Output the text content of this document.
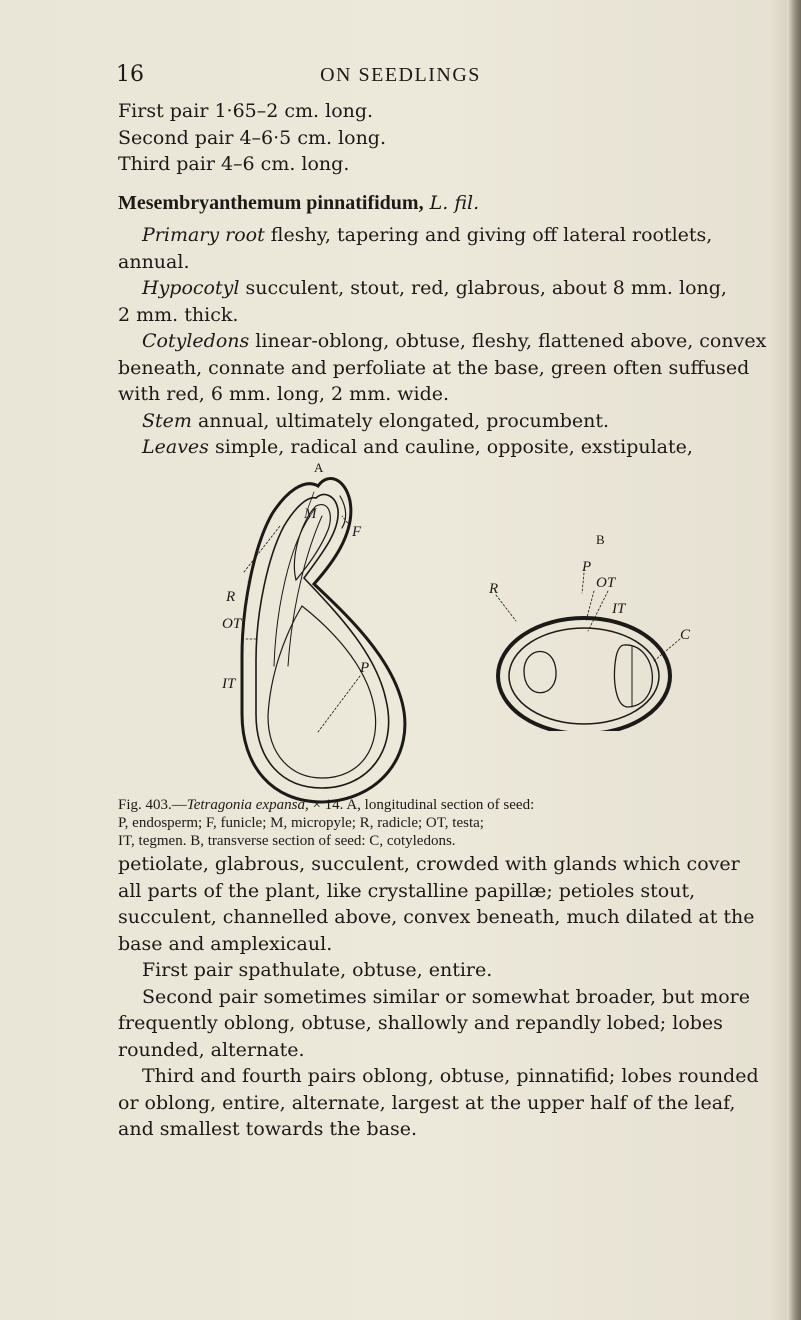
16	ON SEEDLINGS
First pair 1·65–2 cm. long.
Second pair 4–6·5 cm. long.
Third pair 4–6 cm. long.
Mesembryanthemum pinnatifidum, L. fil.
Primary root fleshy, tapering and giving off lateral rootlets,
annual.
Hypocotyl succulent, stout, red, glabrous, about 8 mm. long,
2 mm. thick.
Cotyledons linear-oblong, obtuse, fleshy, flattened above, convex
beneath, connate and perfoliate at the base, green often suffused
with red, 6 mm. long, 2 mm. wide.
Stem annual, ultimately elongated, procumbent.
Leaves simple, radical and cauline, opposite, exstipulate,
A
B
M
F
R
OT
IT
P
P
OT
R
IT
C
Fig. 403.—Tetragonia expansa, × 14. A, longitudinal section of seed:
P, endosperm; F, funicle; M, micropyle; R, radicle; OT, testa;
IT, tegmen. B, transverse section of seed: C, cotyledons.
petiolate, glabrous, succulent, crowded with glands which cover
all parts of the plant, like crystalline papillæ; petioles stout,
succulent, channelled above, convex beneath, much dilated at the
base and amplexicaul.
First pair spathulate, obtuse, entire.
Second pair sometimes similar or somewhat broader, but more
frequently oblong, obtuse, shallowly and repandly lobed; lobes
rounded, alternate.
Third and fourth pairs oblong, obtuse, pinnatifid; lobes rounded
or oblong, entire, alternate, largest at the upper half of the leaf,
and smallest towards the base.
